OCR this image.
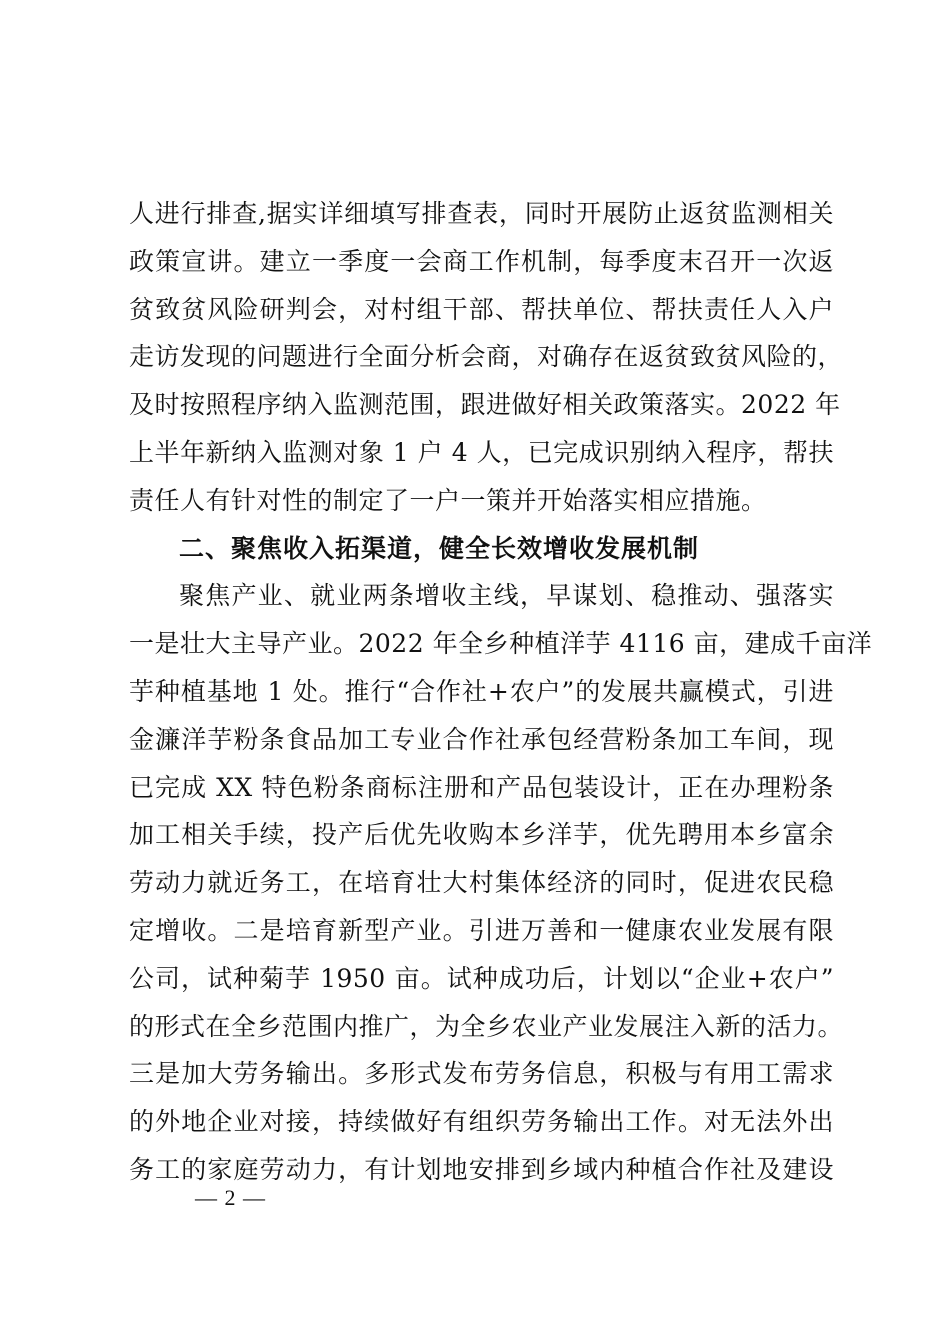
人进行排查,据实详细填写排查表，同时开展防止返贫监测相关
政策宣讲。建立一季度一会商工作机制，每季度末召开一次返
贫致贫风险研判会，对村组干部、帮扶单位、帮扶责任人入户
走访发现的问题进行全面分析会商，对确存在返贫致贫风险的，
及时按照程序纳入监测范围，跟进做好相关政策落实。2022 年
上半年新纳入监测对象 1 户 4 人，已完成识别纳入程序，帮扶
责任人有针对性的制定了一户一策并开始落实相应措施。
二、聚焦收入拓渠道，健全长效增收发展机制
聚焦产业、就业两条增收主线，早谋划、稳推动、强落实
一是壮大主导产业。2022 年全乡种植洋芋 4116 亩，建成千亩洋
芋种植基地 1 处。推行“合作社+农户”的发展共赢模式，引进
金濂洋芋粉条食品加工专业合作社承包经营粉条加工车间，现
已完成 XX 特色粉条商标注册和产品包装设计，正在办理粉条
加工相关手续，投产后优先收购本乡洋芋，优先聘用本乡富余
劳动力就近务工，在培育壮大村集体经济的同时，促进农民稳
定增收。二是培育新型产业。引进万善和一健康农业发展有限
公司，试种菊芋 1950 亩。试种成功后，计划以“企业+农户”
的形式在全乡范围内推广，为全乡农业产业发展注入新的活力。
三是加大劳务输出。多形式发布劳务信息，积极与有用工需求
的外地企业对接，持续做好有组织劳务输出工作。对无法外出
务工的家庭劳动力，有计划地安排到乡域内种植合作社及建设
— 2 —
